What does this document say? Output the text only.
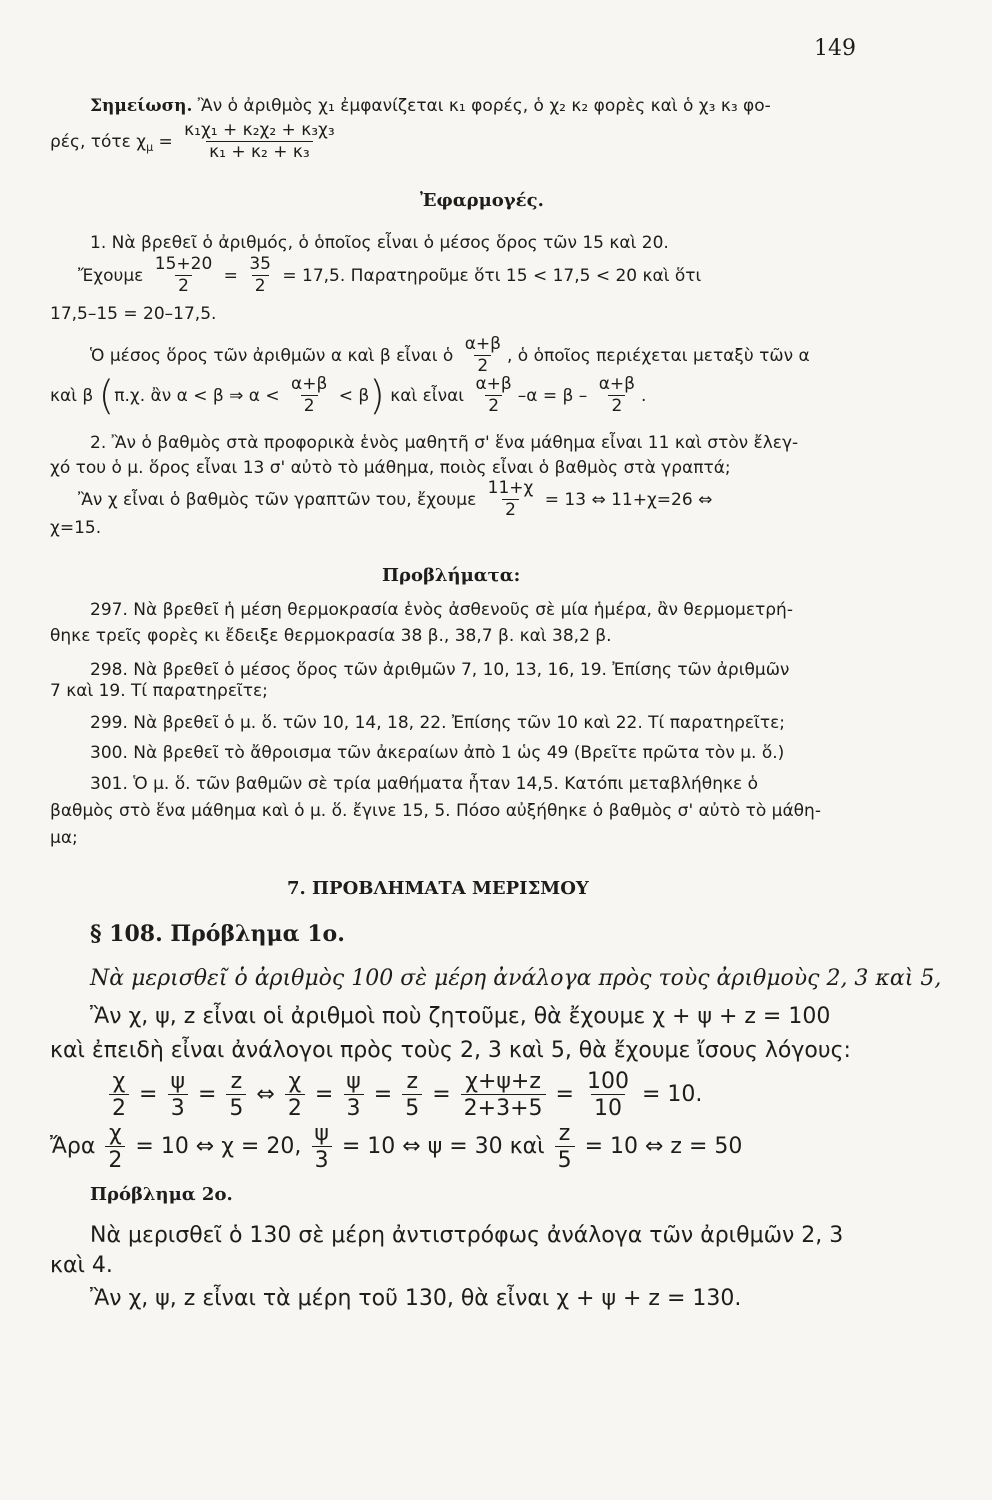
149
Σημείωση. Ἂν ὁ ἀριθμὸς χ₁ ἐμφανίζεται κ₁ φορές, ὁ χ₂ κ₂ φορὲς καὶ ὁ χ₃ κ₃ φο-
ρές, τότε $\chi_\mu = \frac{\text{κ₁χ₁ + κ₂χ₂ + κ₃χ₃}}{\text{κ₁ + κ₂ + κ₃}}$
Ἐφαρμογές.
1. Νὰ βρεθεῖ ὁ ἀριθμός, ὁ ὁποῖος εἶναι ὁ μέσος ὅρος τῶν 15 καὶ 20.
Ἔχουμε $\frac{15+20}{2} = \frac{35}{2} = 17,5$. Παρατηροῦμε ὅτι 15 < 17,5 < 20 καὶ ὅτι
17,5–15 = 20–17,5.
Ὁ μέσος ὅρος τῶν ἀριθμῶν α καὶ β εἶναι ὁ $\frac{\alpha+\beta}{2}$ , ὁ ὁποῖος περιέχεται μεταξὺ τῶν α
καὶ β (π.χ. ἂν α < β ⇒ $\alpha < \frac{\alpha+\beta}{2} < \beta$) καὶ εἶναι $\frac{\alpha+\beta}{2} -\alpha = \beta - \frac{\alpha+\beta}{2}$ .
2. Ἂν ὁ βαθμὸς στὰ προφορικὰ ἑνὸς μαθητῆ σ' ἕνα μάθημα εἶναι 11 καὶ στὸν ἔλεγ-
χό του ὁ μ. ὅρος εἶναι 13 σ' αὐτὸ τὸ μάθημα, ποιὸς εἶναι ὁ βαθμὸς στὰ γραπτά;
Ἂν χ εἶναι ὁ βαθμὸς τῶν γραπτῶν του, ἔχουμε $\frac{11+\chi}{2} = 13$ ⇔ 11+χ=26 ⇔
χ=15.
Προβλήματα:
297. Νὰ βρεθεῖ ἡ μέση θερμοκρασία ἑνὸς ἀσθενοῦς σὲ μία ἡμέρα, ἂν θερμομετρή-
θηκε τρεῖς φορὲς κι ἔδειξε θερμοκρασία 38 β., 38,7 β. καὶ 38,2 β.
298. Νὰ βρεθεῖ ὁ μέσος ὅρος τῶν ἀριθμῶν 7, 10, 13, 16, 19. Ἐπίσης τῶν ἀριθμῶν
7 καὶ 19. Τί παρατηρεῖτε;
299. Νὰ βρεθεῖ ὁ μ. ὅ. τῶν 10, 14, 18, 22. Ἐπίσης τῶν 10 καὶ 22. Τί παρατηρεῖτε;
300. Νὰ βρεθεῖ τὸ ἄθροισμα τῶν ἀκεραίων ἀπὸ 1 ὡς 49 (Βρεῖτε πρῶτα τὸν μ. ὅ.)
301. Ὁ μ. ὅ. τῶν βαθμῶν σὲ τρία μαθήματα ἦταν 14,5. Κατόπι μεταβλήθηκε ὁ
βαθμὸς στὸ ἕνα μάθημα καὶ ὁ μ. ὅ. ἔγινε 15, 5. Πόσο αὐξήθηκε ὁ βαθμὸς σ' αὐτὸ τὸ μάθη-
μα;
7. ΠΡΟΒΛΗΜΑΤΑ ΜΕΡΙΣΜΟΥ
§ 108. Πρόβλημα 1ο.
Νὰ μερισθεῖ ὁ ἀριθμὸς 100 σὲ μέρη ἀνάλογα πρὸς τοὺς ἀριθμοὺς 2, 3 καὶ 5,
Ἂν χ, ψ, z εἶναι οἱ ἀριθμοὶ ποὺ ζητοῦμε, θὰ ἔχουμε χ + ψ + z = 100
καὶ ἐπειδὴ εἶναι ἀνάλογοι πρὸς τοὺς 2, 3 καὶ 5, θὰ ἔχουμε ἴσους λόγους:
$\frac{\chi}{2} = \frac{\psi}{3} = \frac{z}{5}$ ⇔ $\frac{\chi}{2} = \frac{\psi}{3} = \frac{z}{5} = \frac{\chi+\psi+z}{2+3+5} = \frac{100}{10} = 10$.
Ἄρα $\frac{\chi}{2} = 10$ ⇔ χ = 20, $\frac{\psi}{3} = 10$ ⇔ ψ = 30 καὶ $\frac{z}{5} = 10$ ⇔ z = 50
Πρόβλημα 2ο.
Νὰ μερισθεῖ ὁ 130 σὲ μέρη ἀντιστρόφως ἀνάλογα τῶν ἀριθμῶν 2, 3
καὶ 4.
Ἂν χ, ψ, z εἶναι τὰ μέρη τοῦ 130, θὰ εἶναι χ + ψ + z = 130.
